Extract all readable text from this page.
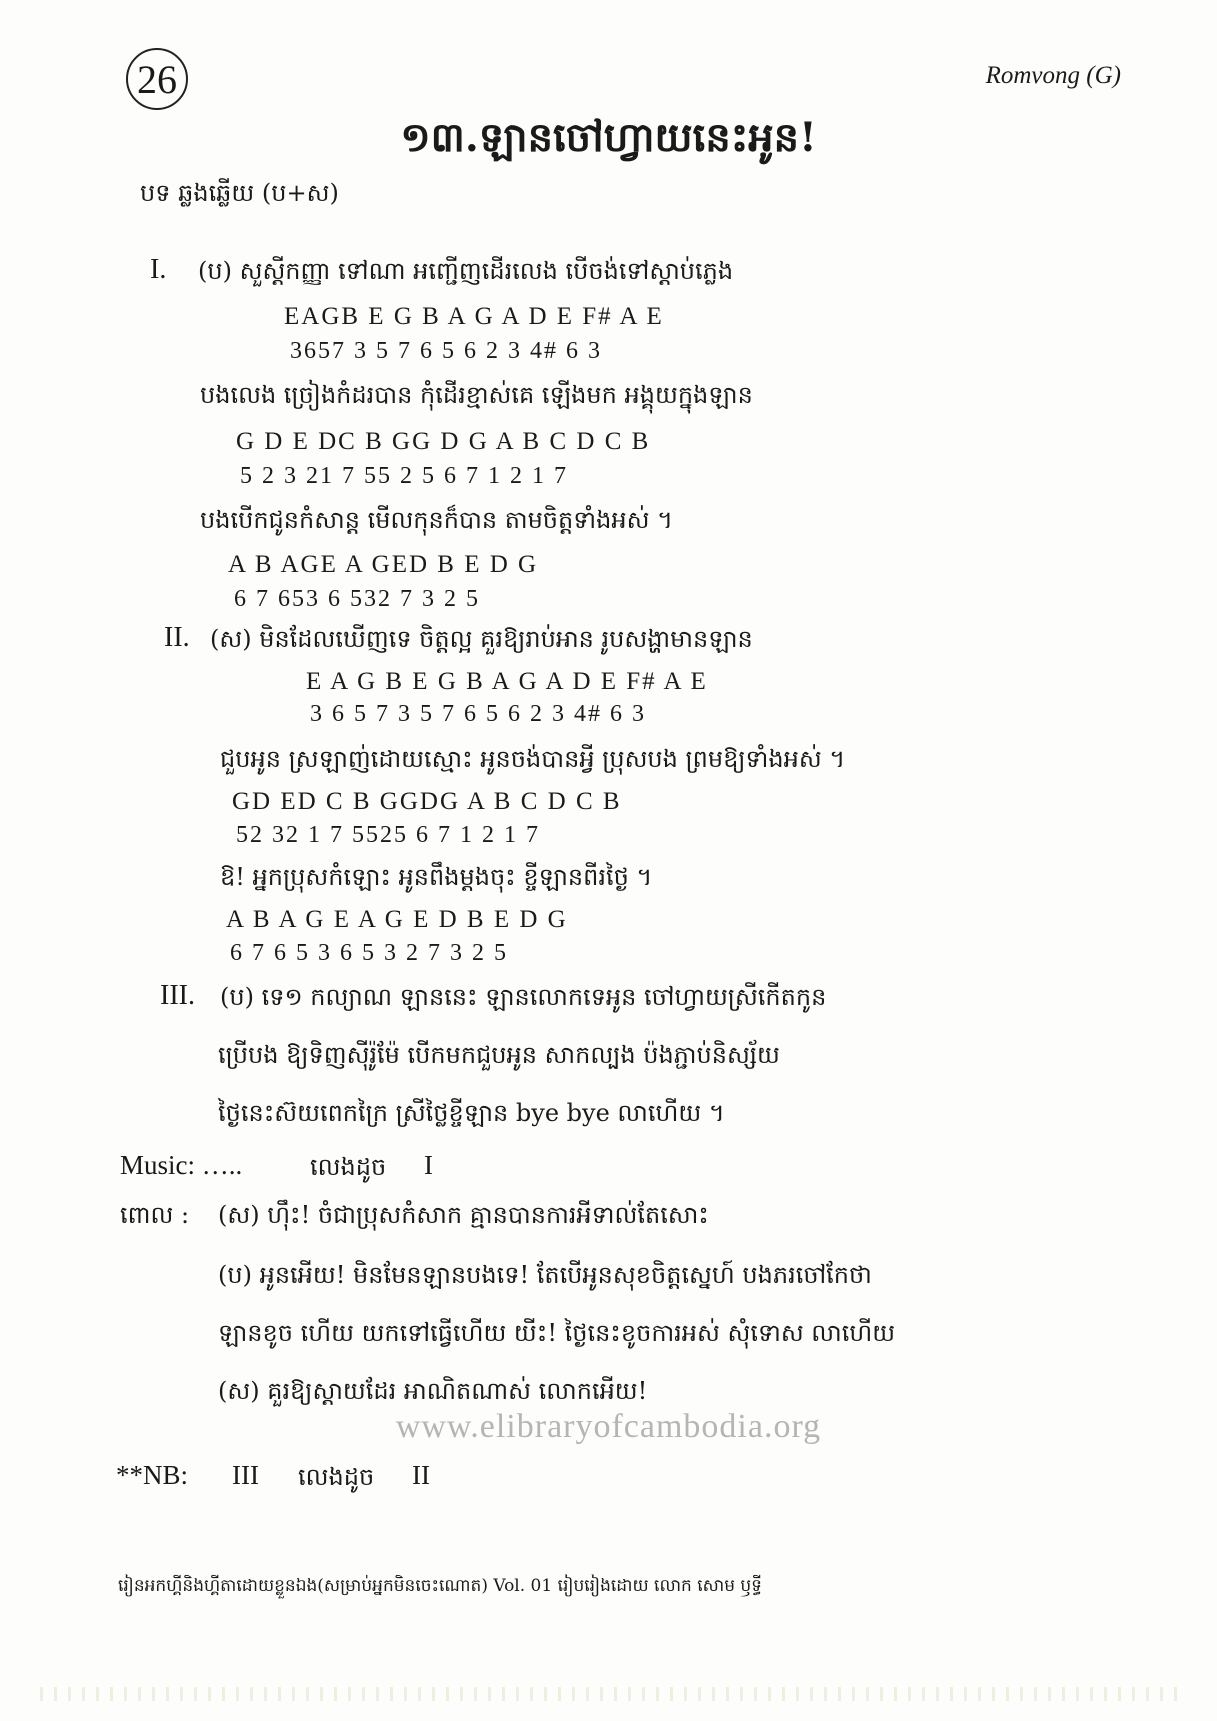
26	Romvong (G)
១៣.ឡានចៅហ្វាយនេះអូន!
បទ ឆ្លងឆ្លើយ (ប+ស)
I. (ប) សួស្តីកញ្ញា ទៅណា អញ្ជើញដើរលេង បើចង់ទៅស្តាប់ភ្លេង
EAGB E G B A G A D E F# A E
3657 3 5 7 6 5 6 2 3 4# 6 3
បងលេង ច្រៀងកំដរបាន កុំដើរខ្មាស់គេ ឡើងមក អង្គុយក្នុងឡាន
G D E DC B GG D G A B C D C B
5 2 3 21 7 55 2 5 6 7 1 2 1 7
បងបើកជូនកំសាន្ត មើលកុនក៏បាន តាមចិត្តទាំងអស់ ។
A B AGE A GED B E D G
6 7 653 6 532 7 3 2 5
II. (ស) មិនដែលឃើញទេ ចិត្តល្អ គួរឱ្យរាប់អាន រូបសង្ហាមានឡាន
E A G B E G B A G A D E F# A E
3 6 5 7 3 5 7 6 5 6 2 3 4# 6 3
ជួបអូន ស្រឡាញ់ដោយស្មោះ អូនចង់បានអ្វី ប្រុសបង ព្រមឱ្យទាំងអស់ ។
GD ED C B GGDG A B C D C B
52 32 1 7 5525 6 7 1 2 1 7
ឱ! អ្នកប្រុសកំឡោះ អូនពឹងម្តងចុះ ខ្ចីឡានពីរថ្ងៃ ។
A B A G E A G E D B E D G
6 7 6 5 3 6 5 3 2 7 3 2 5
III. (ប) ទេ១ កល្យាណ ឡាននេះ ឡានលោកទេអូន ចៅហ្វាយស្រីកើតកូន
ប្រើបង ឱ្យទិញស៊ីរ៉ូម៉ែ បើកមកជួបអូន សាកល្បង ប៉ងភ្ជាប់និស្ស័យ
ថ្ងៃនេះស៊យពេកក្រៃ ស្រីថ្លៃខ្ចីឡាន bye bye លាហើយ ។
Music: …..	លេងដូច I
ពោល : (ស) ហ៊ឹះ! ចំជាប្រុសកំសាក គ្មានបានការអីទាល់តែសោះ
(ប) អូនអើយ! មិនមែនឡានបងទេ! តែបើអូនសុខចិត្តស្នេហ៍ បងភរចៅកែថា
ឡានខូច ហើយ យកទៅធ្វើហើយ យីះ! ថ្ងៃនេះខូចការអស់ សុំទោស លាហើយ
(ស) គួរឱ្យស្តាយដែរ អាណិតណាស់ លោកអើយ!
**NB: III លេងដូច II
www.elibraryofcambodia.org
រៀនអកហ្គីនិងហ្គីតាដោយខ្លួនឯង(សម្រាប់អ្នកមិនចេះណោត) Vol. 01 រៀបរៀងដោយ លោក សោម ឫទ្ធី
